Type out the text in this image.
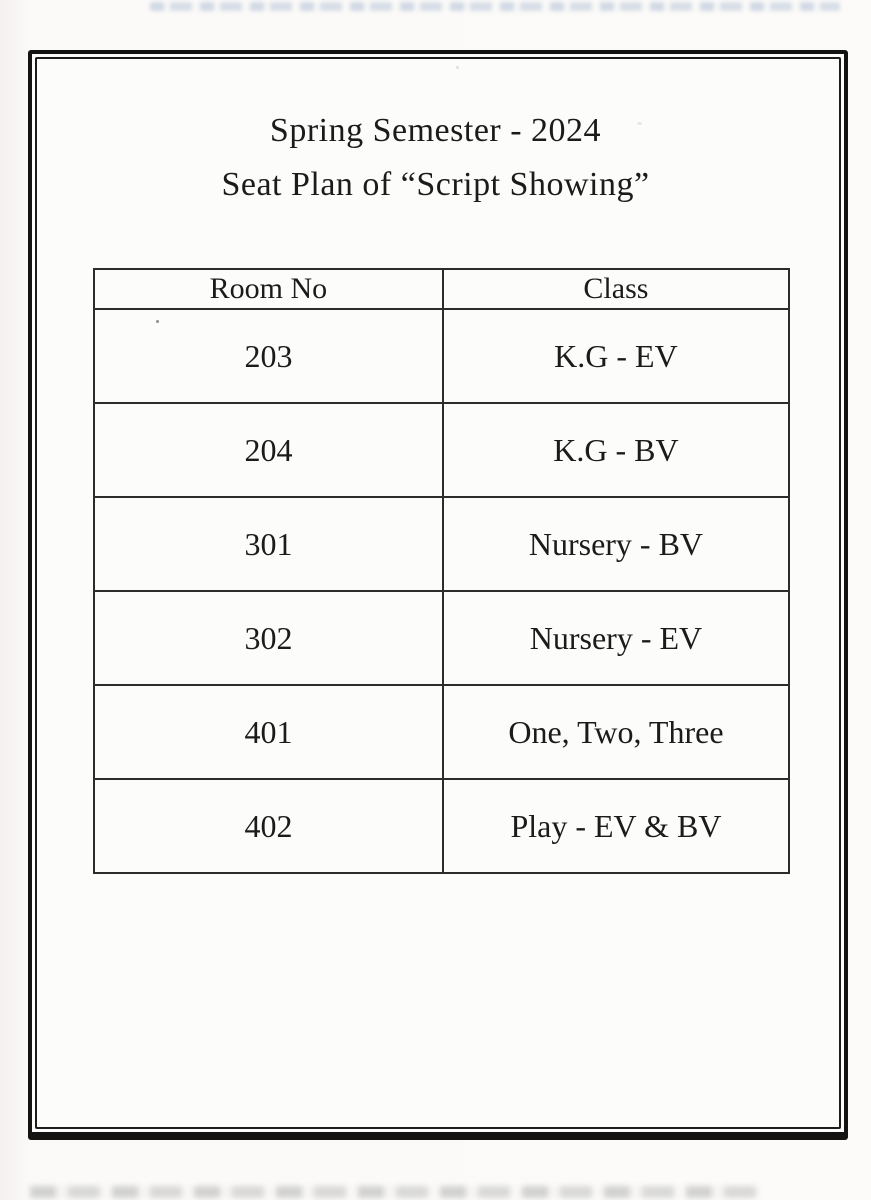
Spring Semester - 2024
Seat Plan of “Script Showing”
Room No	Class
203	K.G - EV
204	K.G - BV
301	Nursery - BV
302	Nursery - EV
401	One, Two, Three
402	Play - EV & BV
